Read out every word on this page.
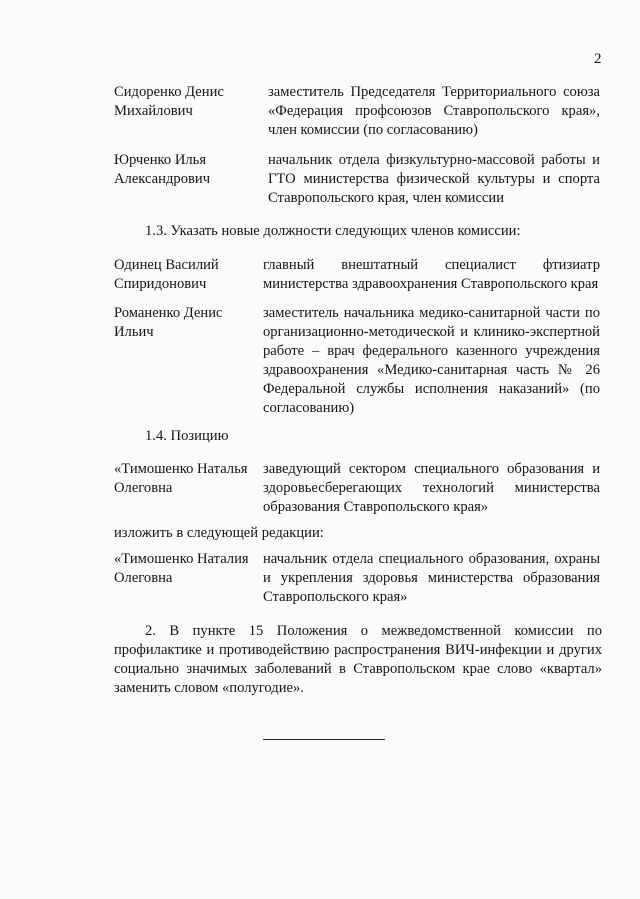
2
Сидоренко Денис Михайлович
заместитель Председателя Территориального союза «Федерация профсоюзов Ставропольского края», член комиссии (по согласованию)
Юрченко Илья Александрович
начальник отдела физкультурно-массовой работы и ГТО министерства физической культуры и спорта Ставропольского края, член комиссии
1.3. Указать новые должности следующих членов комиссии:
Одинец Василий Спиридонович
главный внештатный специалист фтизиатр министерства здравоохранения Ставропольского края
Романенко Денис Ильич
заместитель начальника медико-санитарной части по организационно-методической и клинико-экспертной работе – врач федерального казенного учреждения здравоохранения «Медико-санитарная часть № 26 Федеральной службы исполнения наказаний» (по согласованию)
1.4. Позицию
«Тимошенко Наталья Олеговна
заведующий сектором специального образования и здоровьесберегающих технологий министерства образования Ставропольского края»
изложить в следующей редакции:
«Тимошенко Наталия Олеговна
начальник отдела специального образования, охраны и укрепления здоровья министерства образования Ставропольского края»
2. В пункте 15 Положения о межведомственной комиссии по профилактике и противодействию распространения ВИЧ-инфекции и других социально значимых заболеваний в Ставропольском крае слово «квартал» заменить словом «полугодие».
